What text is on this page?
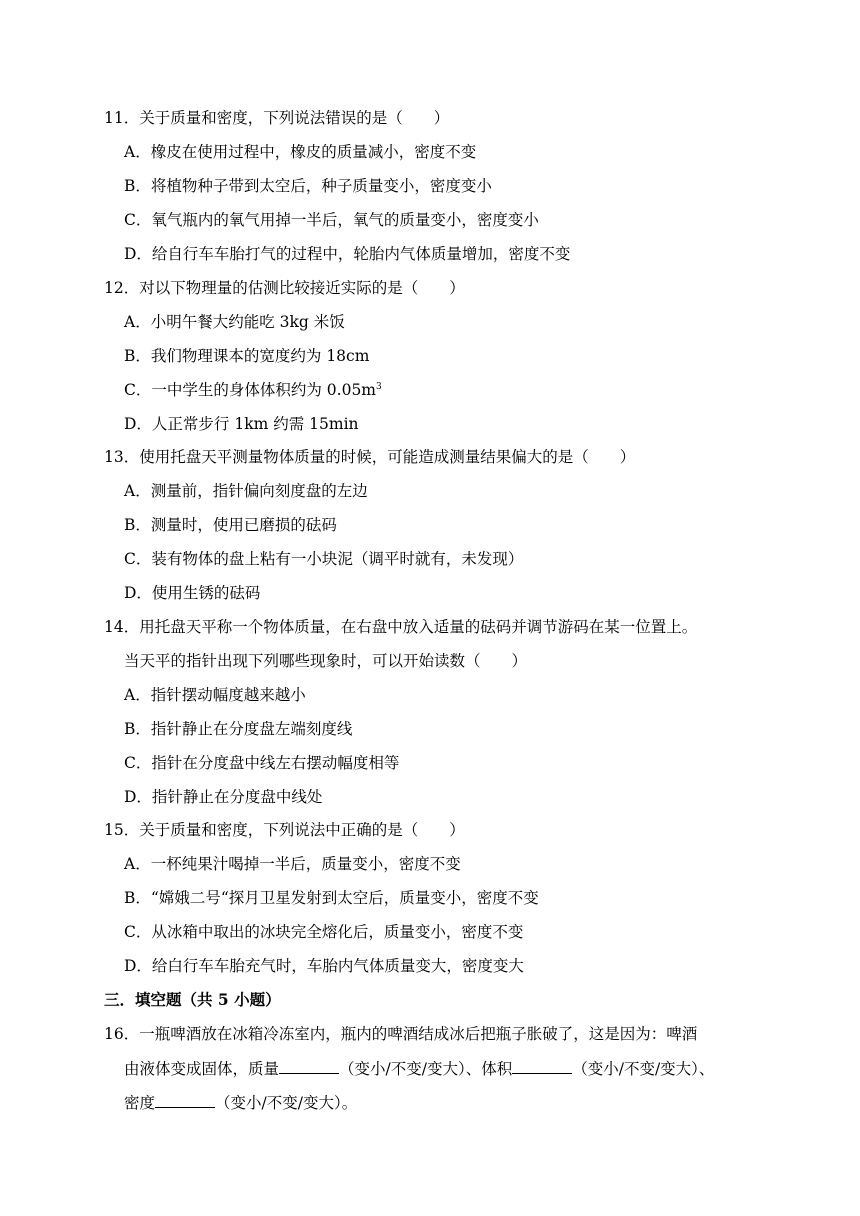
11．关于质量和密度，下列说法错误的是（　　）
A．橡皮在使用过程中，橡皮的质量减小，密度不变
B．将植物种子带到太空后，种子质量变小，密度变小
C．氧气瓶内的氧气用掉一半后，氧气的质量变小，密度变小
D．给自行车车胎打气的过程中，轮胎内气体质量增加，密度不变
12．对以下物理量的估测比较接近实际的是（　　）
A．小明午餐大约能吃 3kg 米饭
B．我们物理课本的宽度约为 18cm
C．一中学生的身体体积约为 $0.05m^3$
D．人正常步行 1km 约需 15min
13．使用托盘天平测量物体质量的时候，可能造成测量结果偏大的是（　　）
A．测量前，指针偏向刻度盘的左边
B．测量时，使用已磨损的砝码
C．装有物体的盘上粘有一小块泥（调平时就有，未发现）
D．使用生锈的砝码
14．用托盘天平称一个物体质量，在右盘中放入适量的砝码并调节游码在某一位置上。
当天平的指针出现下列哪些现象时，可以开始读数（　　）
A．指针摆动幅度越来越小
B．指针静止在分度盘左端刻度线
C．指针在分度盘中线左右摆动幅度相等
D．指针静止在分度盘中线处
15．关于质量和密度，下列说法中正确的是（　　）
A．一杯纯果汁喝掉一半后，质量变小，密度不变
B．“嫦娥二号“探月卫星发射到太空后，质量变小，密度不变
C．从冰箱中取出的冰块完全熔化后，质量变小，密度不变
D．给白行车车胎充气时，车胎内气体质量变大，密度变大
三．填空题（共 5 小题）
16．一瓶啤酒放在冰箱冷冻室内，瓶内的啤酒结成冰后把瓶子胀破了，这是因为：啤酒
由液体变成固体，质量	（变小/不变/变大）、体积	（变小/不变/变大）、
密度	（变小/不变/变大）。
